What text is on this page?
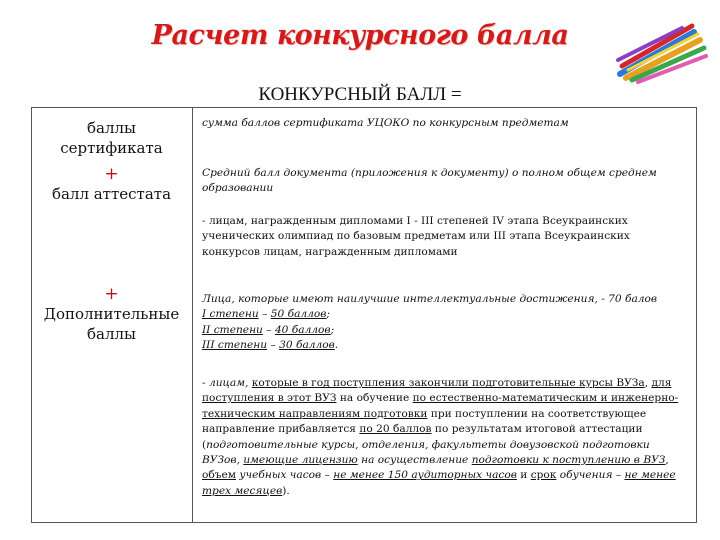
Расчет конкурсного балла
КОНКУРСНЫЙ БАЛЛ =
баллы
сертификата
+
балл аттестата
+
Дополнительные
баллы
сумма баллов сертификата УЦОКО по конкурсным предметам
Средний балл документа (приложения к документу) о полном общем среднем образовании
- лицам, награжденным дипломами I - III степеней IV этапа Всеукраинских ученических олимпиад по базовым предметам или III этапа Всеукраинских конкурсов лицам, награжденным дипломами
Лица, которые имеют наилучшие интеллектуальные достижения, - 70 балов
I степени – 50 баллов;
II степени – 40 баллов;
III степени – 30 баллов.
- лицам, которые в год поступления закончили подготовительные курсы ВУЗа, для поступления в этот ВУЗ на обучение по естественно-математическим и инженерно-техническим направлениям подготовки при поступлении на соответствующее направление прибавляется по 20 баллов по результатам итоговой аттестации (подготовительные курсы, отделения, факультеты довузовской подготовки ВУЗов, имеющие лицензию на осуществление подготовки к поступлению в ВУЗ, объем учебных часов – не менее 150 аудиторных часов и срок обучения – не менее трех месяцев).
